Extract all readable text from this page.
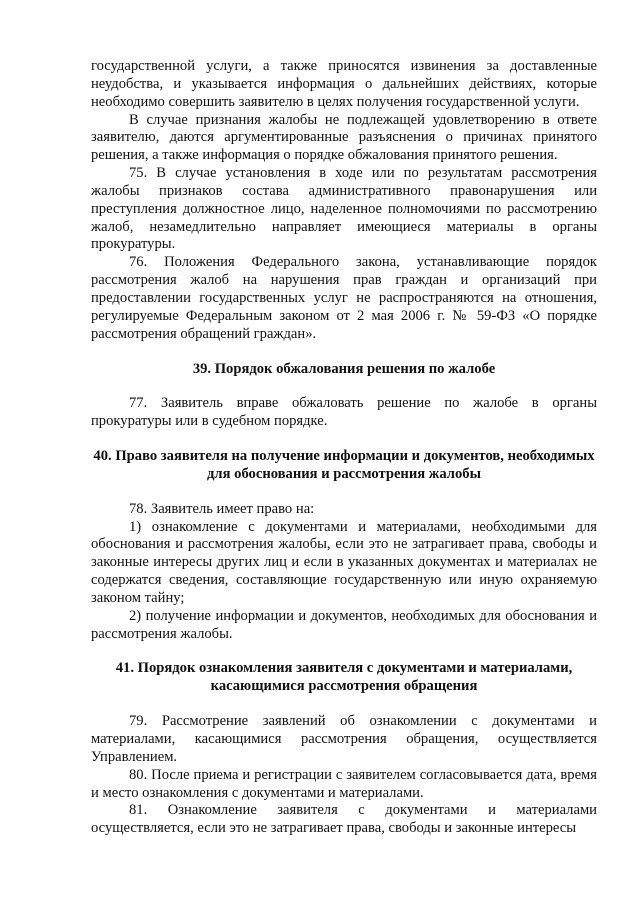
государственной услуги, а также приносятся извинения за доставленные неудобства, и указывается информация о дальнейших действиях, которые необходимо совершить заявителю в целях получения государственной услуги.

В случае признания жалобы не подлежащей удовлетворению в ответе заявителю, даются аргументированные разъяснения о причинах принятого решения, а также информация о порядке обжалования принятого решения.

75. В случае установления в ходе или по результатам рассмотрения жалобы признаков состава административного правонарушения или преступления должностное лицо, наделенное полномочиями по рассмотрению жалоб, незамедлительно направляет имеющиеся материалы в органы прокуратуры.

76. Положения Федерального закона, устанавливающие порядок рассмотрения жалоб на нарушения прав граждан и организаций при предоставлении государственных услуг не распространяются на отношения, регулируемые Федеральным законом от 2 мая 2006 г. № 59-ФЗ «О порядке рассмотрения обращений граждан».

39. Порядок обжалования решения по жалобе

77. Заявитель вправе обжаловать решение по жалобе в органы прокуратуры или в судебном порядке.

40. Право заявителя на получение информации и документов, необходимых для обоснования и рассмотрения жалобы

78. Заявитель имеет право на:

1) ознакомление с документами и материалами, необходимыми для обоснования и рассмотрения жалобы, если это не затрагивает права, свободы и законные интересы других лиц и если в указанных документах и материалах не содержатся сведения, составляющие государственную или иную охраняемую законом тайну;

2) получение информации и документов, необходимых для обоснования и рассмотрения жалобы.

41. Порядок ознакомления заявителя с документами и материалами, касающимися рассмотрения обращения

79. Рассмотрение заявлений об ознакомлении с документами и материалами, касающимися рассмотрения обращения, осуществляется Управлением.

80. После приема и регистрации с заявителем согласовывается дата, время и место ознакомления с документами и материалами.

81. Ознакомление заявителя с документами и материалами осуществляется, если это не затрагивает права, свободы и законные интересы
